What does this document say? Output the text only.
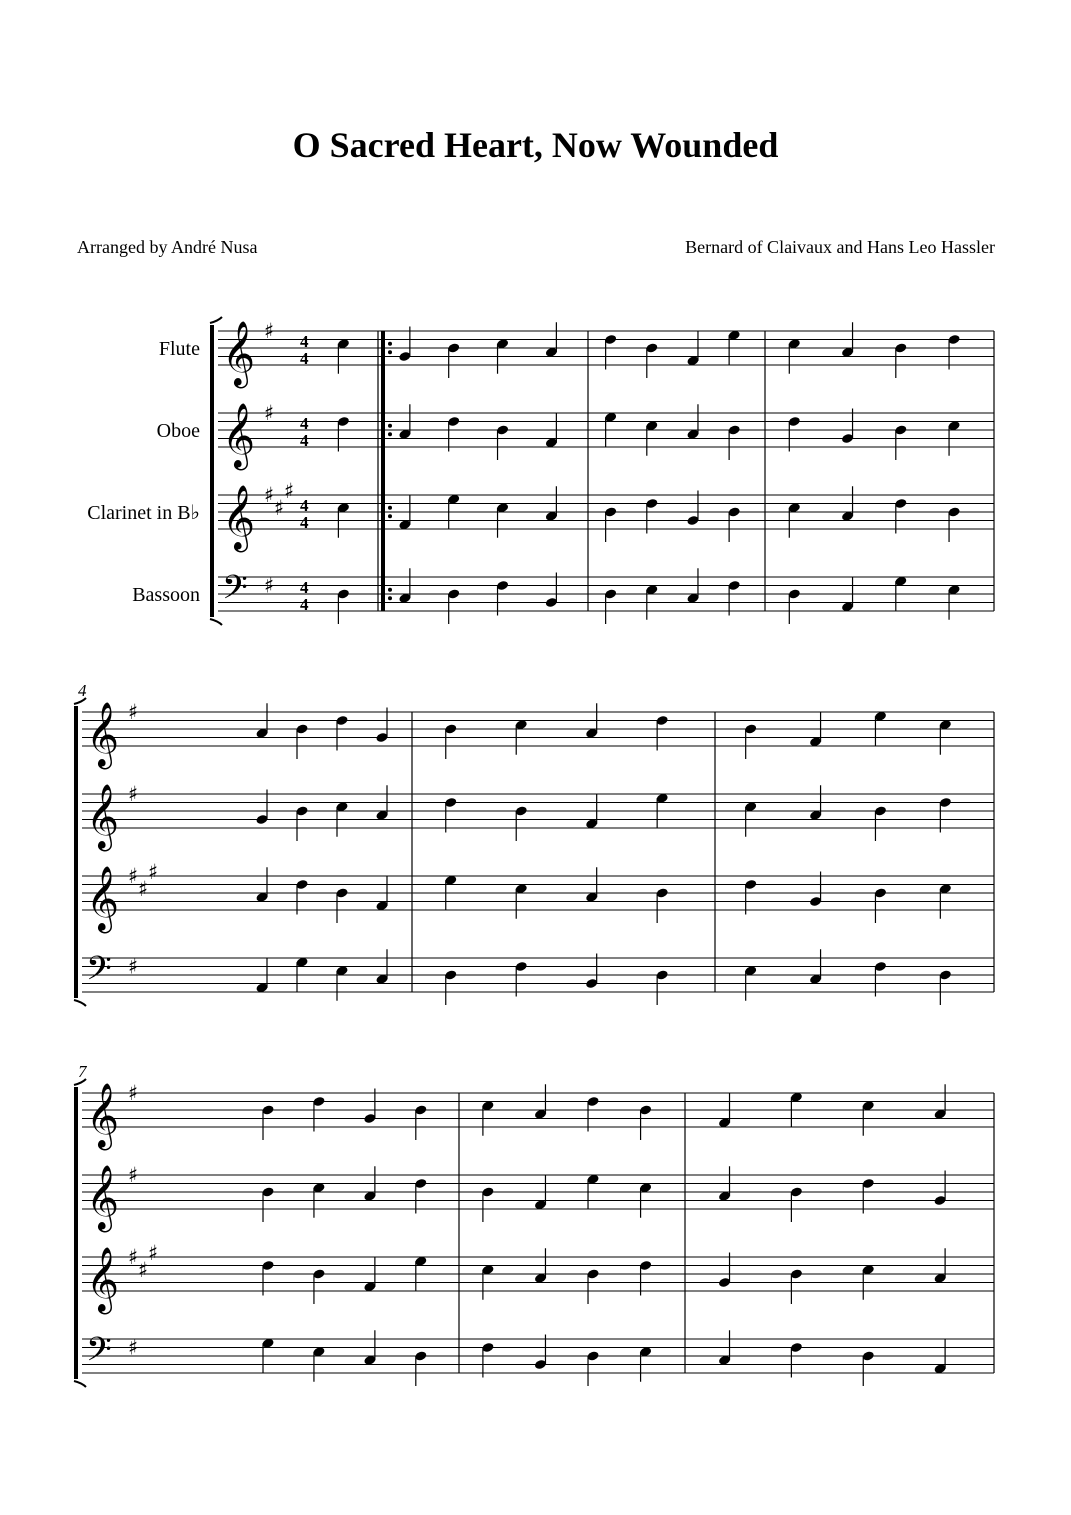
O Sacred Heart, Now Wounded
Arranged by André Nusa	Bernard of Claivaux and Hans Leo Hassler
𝄞 ♯ 4
4
Flute
𝄞 ♯ 4
4
Oboe
𝄞 ♯
♯
♯
4
4
Clarinet in B♭
𝄢 ♯ 4
4
Bassoon
4
𝄞 ♯
𝄞 ♯
𝄞 ♯
♯
♯
𝄢 ♯
7
𝄞 ♯
𝄞 ♯
𝄞 ♯
♯
♯
𝄢 ♯
